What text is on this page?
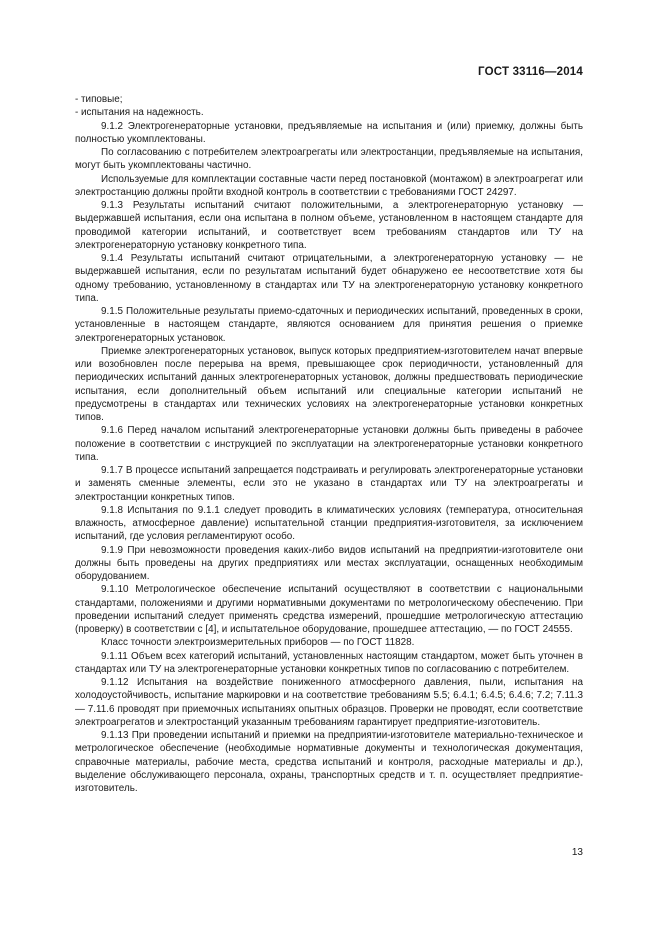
ГОСТ 33116—2014

- типовые;

- испытания на надежность.

9.1.2 Электрогенераторные установки, предъявляемые на испытания и (или) приемку, должны быть полностью укомплектованы.

По согласованию с потребителем электроагрегаты или электростанции, предъявляемые на испытания, могут быть укомплектованы частично.

Используемые для комплектации составные части перед постановкой (монтажом) в электроагрегат или электростанцию должны пройти входной контроль в соответствии с требованиями ГОСТ 24297.

9.1.3 Результаты испытаний считают положительными, а электрогенераторную установку — выдержавшей испытания, если она испытана в полном объеме, установленном в настоящем стандарте для проводимой категории испытаний, и соответствует всем требованиям стандартов или ТУ на электрогенераторную установку конкретного типа.

9.1.4 Результаты испытаний считают отрицательными, а электрогенераторную установку — не выдержавшей испытания, если по результатам испытаний будет обнаружено ее несоответствие хотя бы одному требованию, установленному в стандартах или ТУ на электрогенераторную установку конкретного типа.

9.1.5 Положительные результаты приемо-сдаточных и периодических испытаний, проведенных в сроки, установленные в настоящем стандарте, являются основанием для принятия решения о приемке электрогенераторных установок.

Приемке электрогенераторных установок, выпуск которых предприятием-изготовителем начат впервые или возобновлен после перерыва на время, превышающее срок периодичности, установленный для периодических испытаний данных электрогенераторных установок, должны предшествовать периодические испытания, если дополнительный объем испытаний или специальные категории испытаний не предусмотрены в стандартах или технических условиях на электрогенераторные установки конкретных типов.

9.1.6 Перед началом испытаний электрогенераторные установки должны быть приведены в рабочее положение в соответствии с инструкцией по эксплуатации на электрогенераторные установки конкретного типа.

9.1.7 В процессе испытаний запрещается подстраивать и регулировать электрогенераторные установки и заменять сменные элементы, если это не указано в стандартах или ТУ на электроагрегаты и электростанции конкретных типов.

9.1.8 Испытания по 9.1.1 следует проводить в климатических условиях (температура, относительная влажность, атмосферное давление) испытательной станции предприятия-изготовителя, за исключением испытаний, где условия регламентируют особо.

9.1.9 При невозможности проведения каких-либо видов испытаний на предприятии-изготовителе они должны быть проведены на других предприятиях или местах эксплуатации, оснащенных необходимым оборудованием.

9.1.10 Метрологическое обеспечение испытаний осуществляют в соответствии с национальными стандартами, положениями и другими нормативными документами по метрологическому обеспечению. При проведении испытаний следует применять средства измерений, прошедшие метрологическую аттестацию (проверку) в соответствии с [4], и испытательное оборудование, прошедшее аттестацию, — по ГОСТ 24555.

Класс точности электроизмерительных приборов — по ГОСТ 11828.

9.1.11 Объем всех категорий испытаний, установленных настоящим стандартом, может быть уточнен в стандартах или ТУ на электрогенераторные установки конкретных типов по согласованию с потребителем.

9.1.12 Испытания на воздействие пониженного атмосферного давления, пыли, испытания на холодоустойчивость, испытание маркировки и на соответствие требованиям 5.5; 6.4.1; 6.4.5; 6.4.6; 7.2; 7.11.3 — 7.11.6 проводят при приемочных испытаниях опытных образцов. Проверки не проводят, если соответствие электроагрегатов и электростанций указанным требованиям гарантирует предприятие-изготовитель.

9.1.13 При проведении испытаний и приемки на предприятии-изготовителе материально-техническое и метрологическое обеспечение (необходимые нормативные документы и технологическая документация, справочные материалы, рабочие места, средства испытаний и контроля, расходные материалы и др.), выделение обслуживающего персонала, охраны, транспортных средств и т. п. осуществляет предприятие-изготовитель.

13
